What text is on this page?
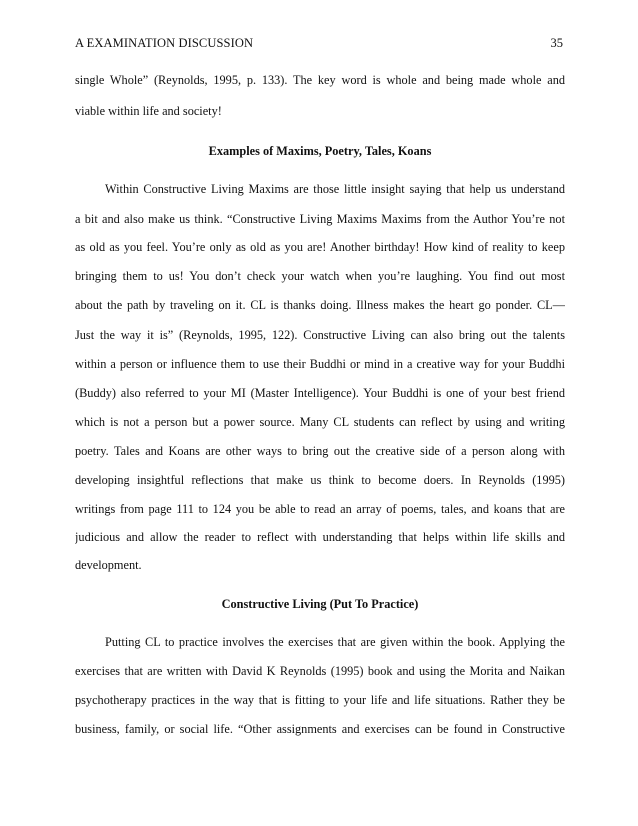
A EXAMINATION DISCUSSION	35
single Whole” (Reynolds, 1995, p. 133). The key word is whole and being made whole and
viable within life and society!
Examples of Maxims, Poetry, Tales, Koans
Within Constructive Living Maxims are those little insight saying that help us understand
a bit and also make us think. “Constructive Living Maxims Maxims from the Author You’re not
as old as you feel. You’re only as old as you are! Another birthday! How kind of reality to keep
bringing them to us! You don’t check your watch when you’re laughing. You find out most
about the path by traveling on it. CL is thanks doing. Illness makes the heart go ponder. CL—
Just the way it is” (Reynolds, 1995, 122). Constructive Living can also bring out the talents
within a person or influence them to use their Buddhi or mind in a creative way for your Buddhi
(Buddy) also referred to your MI (Master Intelligence). Your Buddhi is one of your best friend
which is not a person but a power source. Many CL students can reflect by using and writing
poetry. Tales and Koans are other ways to bring out the creative side of a person along with
developing insightful reflections that make us think to become doers. In Reynolds (1995)
writings from page 111 to 124 you be able to read an array of poems, tales, and koans that are
judicious and allow the reader to reflect with understanding that helps within life skills and
development.
Constructive Living (Put To Practice)
Putting CL to practice involves the exercises that are given within the book. Applying the
exercises that are written with David K Reynolds (1995) book and using the Morita and Naikan
psychotherapy practices in the way that is fitting to your life and life situations. Rather they be
business, family, or social life. “Other assignments and exercises can be found in Constructive
